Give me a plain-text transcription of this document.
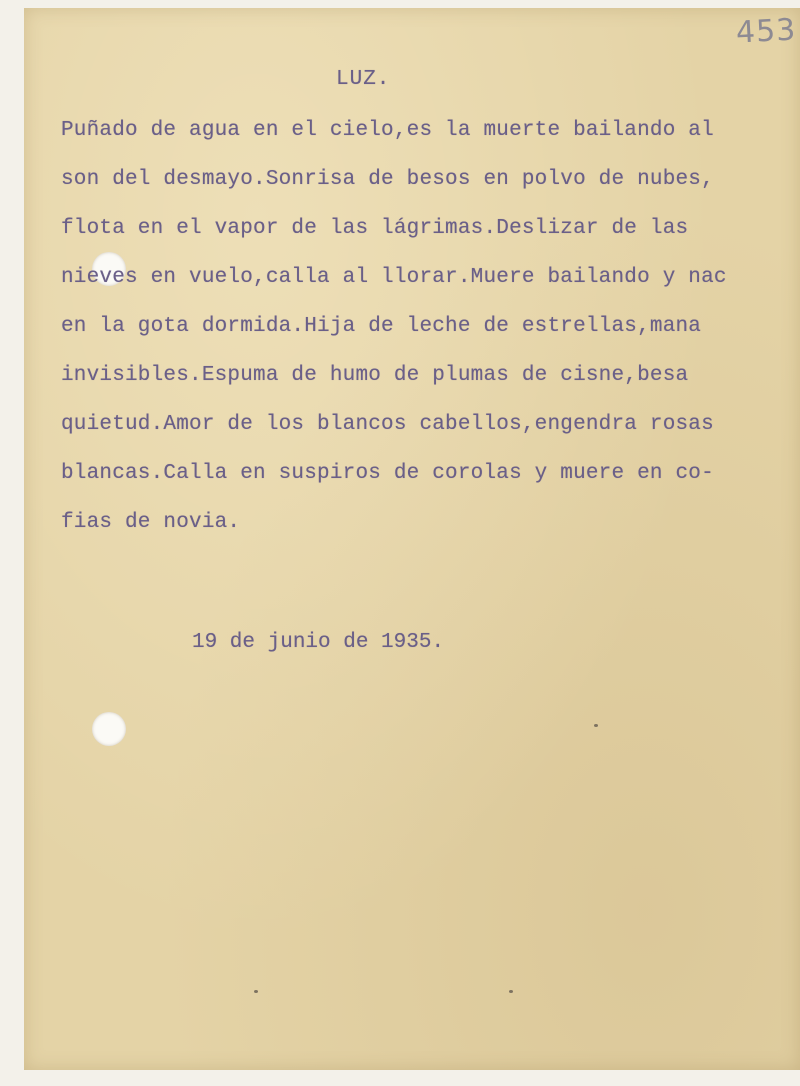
453
LUZ.
Puñado de agua en el cielo,es la muerte bailando al
son del desmayo.Sonrisa de besos en polvo de nubes,
flota en el vapor de las lágrimas.Deslizar de las
nieves en vuelo,calla al llorar.Muere bailando y nac
en la gota dormida.Hija de leche de estrellas,mana
invisibles.Espuma de humo de plumas de cisne,besa
quietud.Amor de los blancos cabellos,engendra rosas
blancas.Calla en suspiros de corolas y muere en co-
fias de novia.
19 de junio de 1935.
